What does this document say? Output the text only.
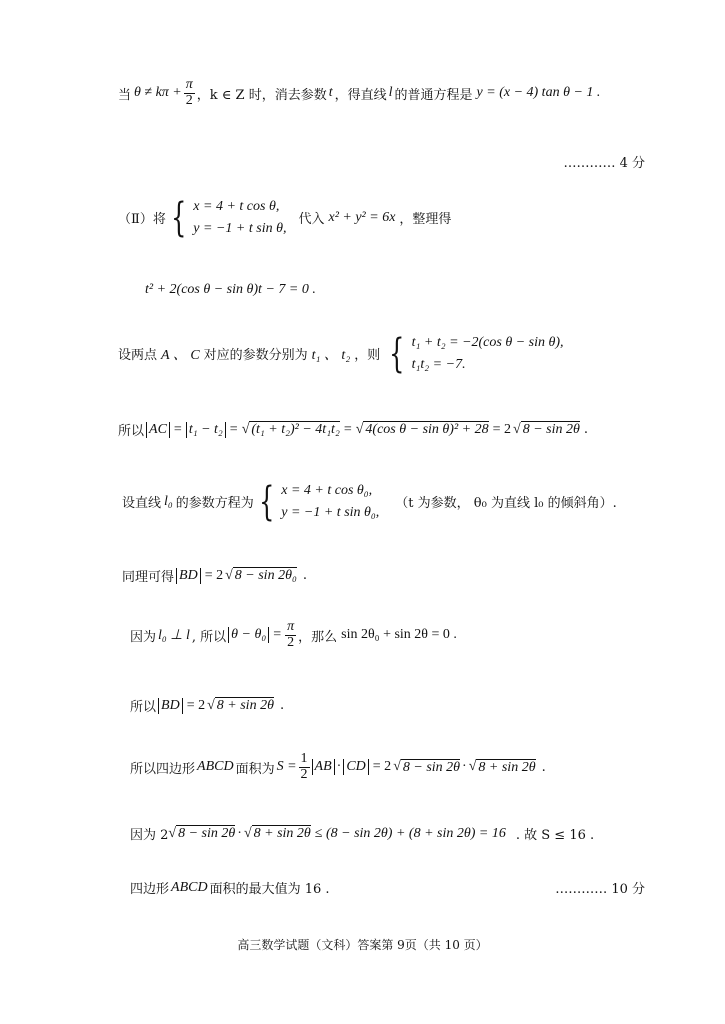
当 $\theta \ne k\pi + \frac{\pi}{2}$ ，k ∈ Z 时，消去参数 t ，得直线 l 的普通方程是 y = (x − 4) tan θ − 1 .
………… 4 分
（Ⅱ）将 { x = 4 + t cos θ,
y = −1 + t sin θ,
代入 x² + y² = 6x ，整理得
t² + 2(cos θ − sin θ)t − 7 = 0 .
设两点 A 、 C 对应的参数分别为 t₁ 、 t₂ ，则 { t₁ + t₂ = −2(cos θ − sin θ),
t₁t₂ = −7.
所以 AC = t₁ − t₂ = √ (t₁ + t₂)² − 4t₁t₂ = √ 4(cos θ − sin θ)² + 28 = 2 √ 8 − sin 2θ .
设直线 l₀ 的参数方程为 { x = 4 + t cos θ₀,
y = −1 + t sin θ₀,
（t 为参数， θ₀ 为直线 l₀ 的倾斜角）.
同理可得 BD = 2 √ 8 − sin 2θ₀ .
因为 l₀ ⊥ l , 所以 $\theta - \theta_0 = \frac{\pi}{2}$ ，那么 sin 2θ₀ + sin 2θ = 0 .
所以 BD = 2 √ 8 + sin 2θ .
所以四边形 ABCD 面积为 $S = \frac{1}{2}$ AB · CD = 2 √ 8 − sin 2θ · √ 8 + sin 2θ .
因为 2 √ 8 − sin 2θ · √ 8 + sin 2θ ≤ (8 − sin 2θ) + (8 + sin 2θ) = 16 . 故 S ≤ 16 .
四边形 ABCD 面积的最大值为 16 .	………… 10 分
高三数学试题（文科）答案第 9页（共 10 页）
